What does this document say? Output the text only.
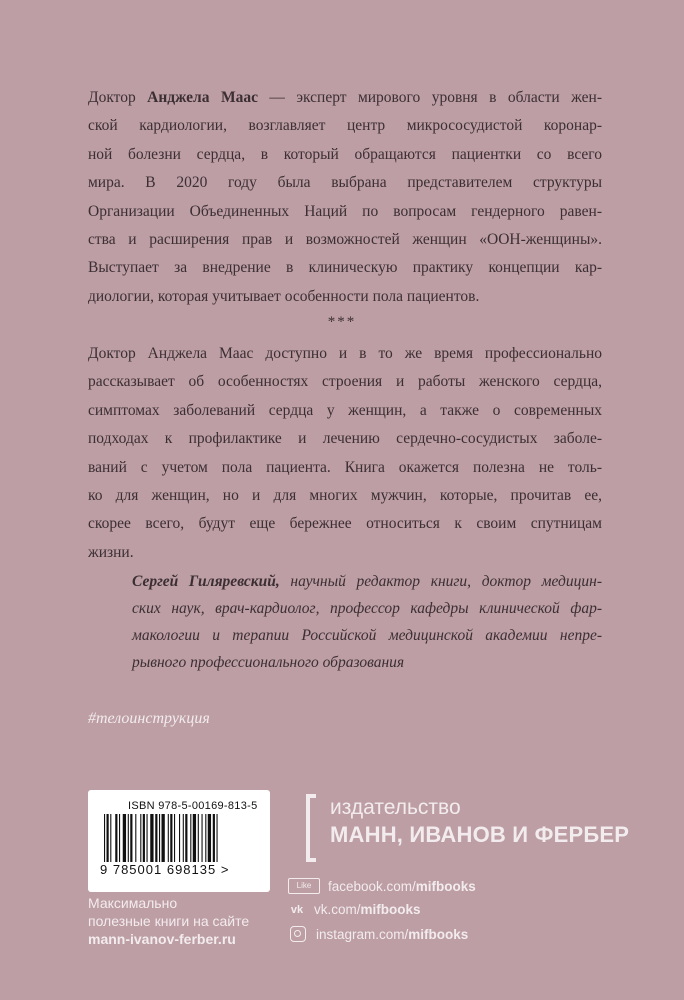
Доктор Анджела Маас — эксперт мирового уровня в области жен-
ской кардиологии, возглавляет центр микрососудистой коронар-
ной болезни сердца, в который обращаются пациентки со всего
мира. В 2020 году была выбрана представителем структуры
Организации Объединенных Наций по вопросам гендерного равен-
ства и расширения прав и возможностей женщин «ООН-женщины».
Выступает за внедрение в клиническую практику концепции кар-
диологии, которая учитывает особенности пола пациентов.
***
Доктор Анджела Маас доступно и в то же время профессионально
рассказывает об особенностях строения и работы женского сердца,
симптомах заболеваний сердца у женщин, а также о современных
подходах к профилактике и лечению сердечно-сосудистых заболе-
ваний с учетом пола пациента. Книга окажется полезна не толь-
ко для женщин, но и для многих мужчин, которые, прочитав ее,
скорее всего, будут еще бережнее относиться к своим спутницам
жизни.
Сергей Гиляревский, научный редактор книги, доктор медицин-
ских наук, врач-кардиолог, профессор кафедры клинической фар-
макологии и терапии Российской медицинской академии непре-
рывного профессионального образования
#телоинструкция
ISBN 978-5-00169-813-5
9 785001 698135 >
Максимально
полезные книги на сайте
mann-ivanov-ferber.ru
издательство
МАНН, ИВАНОВ И ФЕРБЕР
Like	facebook.com/mifbooks
vk vk.com/mifbooks
instagram.com/mifbooks
